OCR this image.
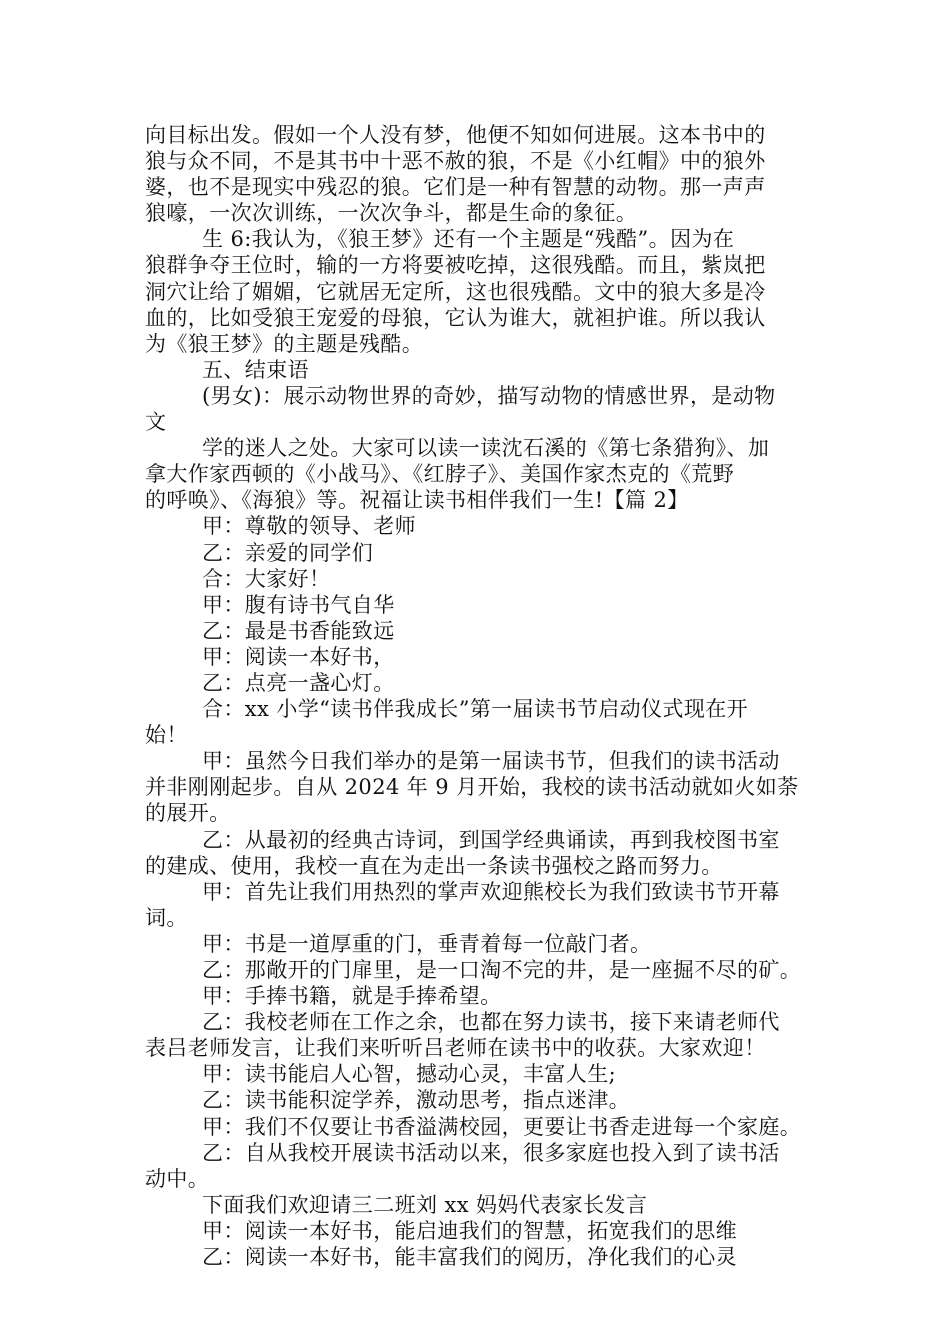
向目标出发。假如一个人没有梦，他便不知如何进展。这本书中的
狼与众不同，不是其书中十恶不赦的狼，不是《小红帽》中的狼外
婆，也不是现实中残忍的狼。它们是一种有智慧的动物。那一声声
狼嚎，一次次训练，一次次争斗，都是生命的象征。
生 6:我认为，《狼王梦》还有一个主题是“残酷”。因为在
狼群争夺王位时，输的一方将要被吃掉，这很残酷。而且，紫岚把
洞穴让给了媚媚，它就居无定所，这也很残酷。文中的狼大多是冷
血的，比如受狼王宠爱的母狼，它认为谁大，就袒护谁。所以我认
为《狼王梦》的主题是残酷。
五、结束语
(男女)：展示动物世界的奇妙，描写动物的情感世界，是动物
文
学的迷人之处。大家可以读一读沈石溪的《第七条猎狗》、加
拿大作家西顿的《小战马》、《红脖子》、美国作家杰克的《荒野
的呼唤》、《海狼》等。祝福让读书相伴我们一生!【篇 2】
甲：尊敬的领导、老师
乙：亲爱的同学们
合：大家好！
甲：腹有诗书气自华
乙：最是书香能致远
甲：阅读一本好书，
乙：点亮一盏心灯。
合：xx 小学“读书伴我成长”第一届读书节启动仪式现在开
始！
甲：虽然今日我们举办的是第一届读书节，但我们的读书活动
并非刚刚起步。自从 2024 年 9 月开始，我校的读书活动就如火如荼
的展开。
乙：从最初的经典古诗词，到国学经典诵读，再到我校图书室
的建成、使用，我校一直在为走出一条读书强校之路而努力。
甲：首先让我们用热烈的掌声欢迎熊校长为我们致读书节开幕
词。
甲：书是一道厚重的门，垂青着每一位敲门者。
乙：那敞开的门扉里，是一口淘不完的井，是一座掘不尽的矿。
甲：手捧书籍，就是手捧希望。
乙：我校老师在工作之余，也都在努力读书，接下来请老师代
表吕老师发言，让我们来听听吕老师在读书中的收获。大家欢迎！
甲：读书能启人心智，撼动心灵，丰富人生;
乙：读书能积淀学养，激动思考，指点迷津。
甲：我们不仅要让书香溢满校园，更要让书香走进每一个家庭。
乙：自从我校开展读书活动以来，很多家庭也投入到了读书活
动中。
下面我们欢迎请三二班刘 xx 妈妈代表家长发言
甲：阅读一本好书，能启迪我们的智慧，拓宽我们的思维
乙：阅读一本好书，能丰富我们的阅历，净化我们的心灵
